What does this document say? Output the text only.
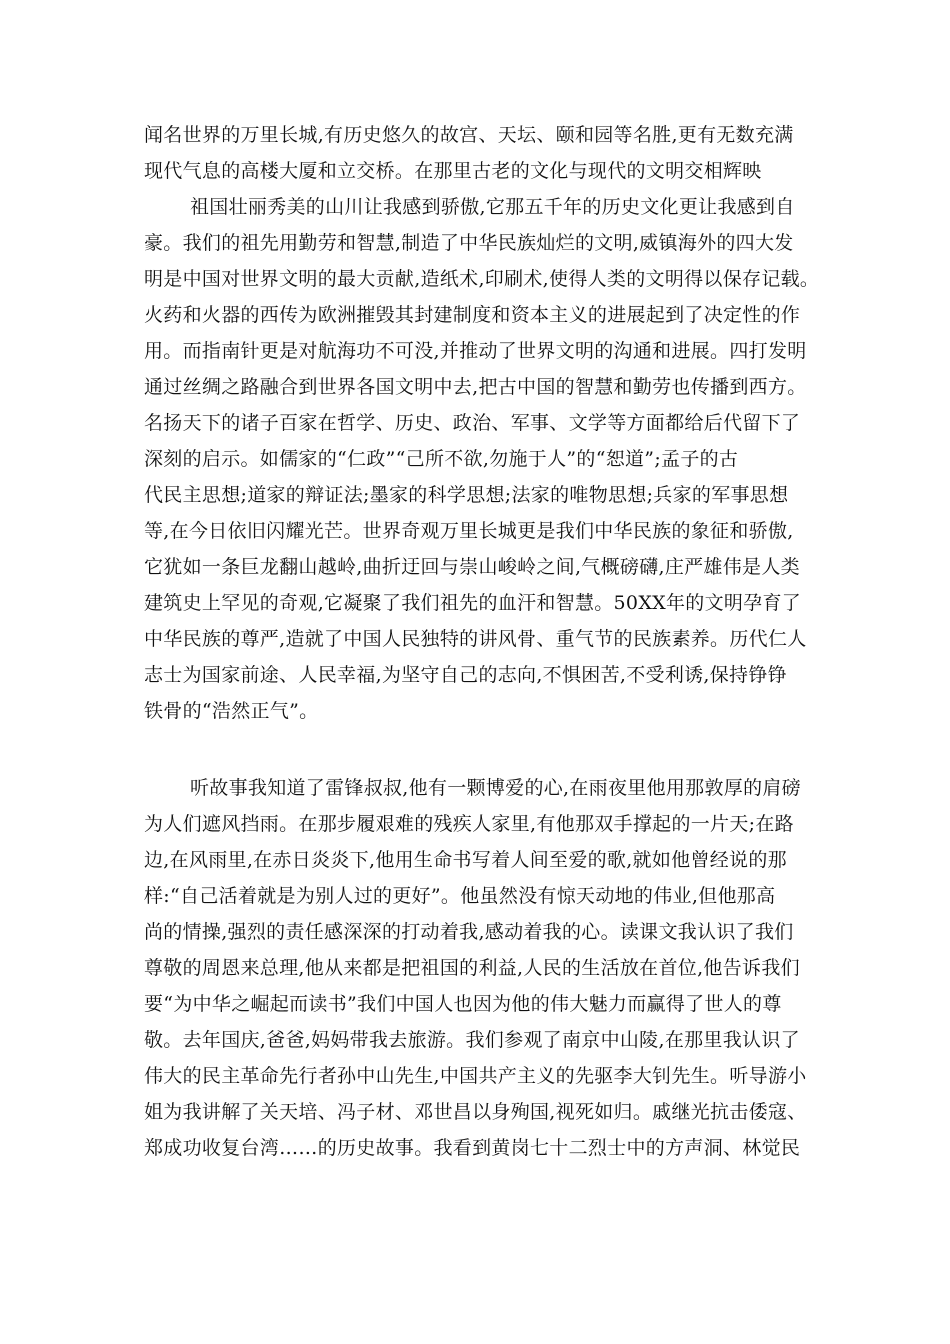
闻名世界的万里长城,有历史悠久的故宫、天坛、颐和园等名胜,更有无数充满
现代气息的高楼大厦和立交桥。在那里古老的文化与现代的文明交相辉映
祖国壮丽秀美的山川让我感到骄傲,它那五千年的历史文化更让我感到自
豪。我们的祖先用勤劳和智慧,制造了中华民族灿烂的文明,威镇海外的四大发
明是中国对世界文明的最大贡献,造纸术,印刷术,使得人类的文明得以保存记载。
火药和火器的西传为欧洲摧毁其封建制度和资本主义的进展起到了决定性的作
用。而指南针更是对航海功不可没,并推动了世界文明的沟通和进展。四打发明
通过丝绸之路融合到世界各国文明中去,把古中国的智慧和勤劳也传播到西方。
名扬天下的诸子百家在哲学、历史、政治、军事、文学等方面都给后代留下了
深刻的启示。如儒家的“仁政”“己所不欲,勿施于人”的“恕道”;孟子的古
代民主思想;道家的辩证法;墨家的科学思想;法家的唯物思想;兵家的军事思想
等,在今日依旧闪耀光芒。世界奇观万里长城更是我们中华民族的象征和骄傲,
它犹如一条巨龙翻山越岭,曲折迂回与崇山峻岭之间,气概磅礴,庄严雄伟是人类
建筑史上罕见的奇观,它凝聚了我们祖先的血汗和智慧。50XX年的文明孕育了
中华民族的尊严,造就了中国人民独特的讲风骨、重气节的民族素养。历代仁人
志士为国家前途、人民幸福,为坚守自己的志向,不惧困苦,不受利诱,保持铮铮
铁骨的“浩然正气”。
听故事我知道了雷锋叔叔,他有一颗博爱的心,在雨夜里他用那敦厚的肩磅
为人们遮风挡雨。在那步履艰难的残疾人家里,有他那双手撑起的一片天;在路
边,在风雨里,在赤日炎炎下,他用生命书写着人间至爱的歌,就如他曾经说的那
样:“自己活着就是为别人过的更好”。他虽然没有惊天动地的伟业,但他那高
尚的情操,强烈的责任感深深的打动着我,感动着我的心。读课文我认识了我们
尊敬的周恩来总理,他从来都是把祖国的利益,人民的生活放在首位,他告诉我们
要“为中华之崛起而读书”我们中国人也因为他的伟大魅力而赢得了世人的尊
敬。去年国庆,爸爸,妈妈带我去旅游。我们参观了南京中山陵,在那里我认识了
伟大的民主革命先行者孙中山先生,中国共产主义的先驱李大钊先生。听导游小
姐为我讲解了关天培、冯子材、邓世昌以身殉国,视死如归。戚继光抗击倭寇、
郑成功收复台湾……的历史故事。我看到黄岗七十二烈士中的方声洞、林觉民
